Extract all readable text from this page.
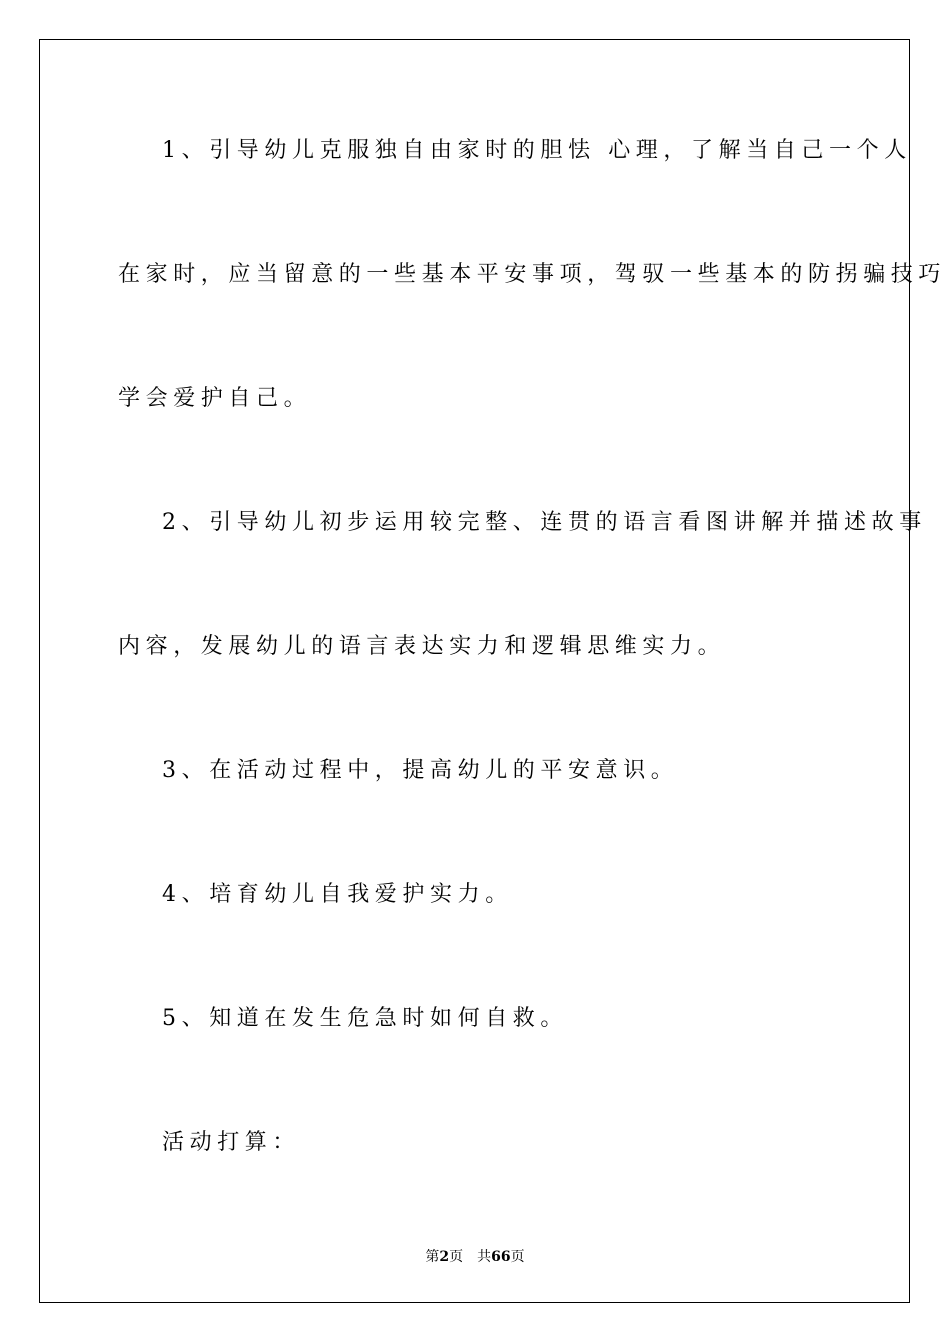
1、引导幼儿克服独自由家时的胆怯 心理，了解当自己一个人
在家时，应当留意的一些基本平安事项，驾驭一些基本的防拐骗技巧
学会爱护自己。
2、引导幼儿初步运用较完整、连贯的语言看图讲解并描述故事
内容，发展幼儿的语言表达实力和逻辑思维实力。
3、在活动过程中，提高幼儿的平安意识。
4、培育幼儿自我爱护实力。
5、知道在发生危急时如何自救。
活动打算：
第2页 共66页
